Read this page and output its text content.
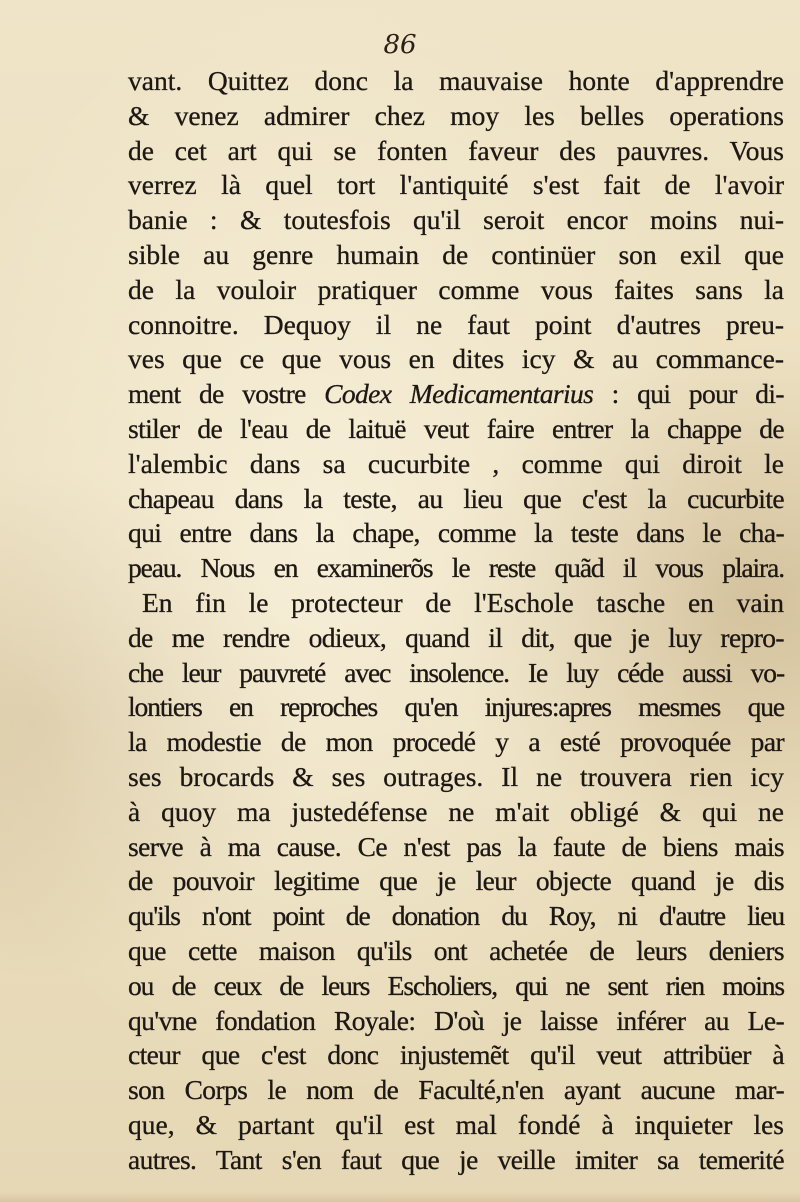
86
vant. Quittez donc la mauvaise honte d'apprendre
& venez admirer chez moy les belles operations
de cet art qui se fonten faveur des pauvres. Vous
verrez là quel tort l'antiquité s'est fait de l'avoir
banie : & toutesfois qu'il seroit encor moins nui-
sible au genre humain de continüer son exil que
de la vouloir pratiquer comme vous faites sans la
connoitre. Dequoy il ne faut point d'autres preu-
ves que ce que vous en dites icy & au commance-
ment de vostre Codex Medicamentarius : qui pour di-
stiler de l'eau de laituë veut faire entrer la chappe de
l'alembic dans sa cucurbite , comme qui diroit le
chapeau dans la teste, au lieu que c'est la cucurbite
qui entre dans la chape, comme la teste dans le cha-
peau. Nous en examinerõs le reste quãd il vous plaira.
En fin le protecteur de l'Eschole tasche en vain
de me rendre odieux, quand il dit, que je luy repro-
che leur pauvreté avec insolence. Ie luy céde aussi vo-
lontiers en reproches qu'en injures:apres mesmes que
la modestie de mon procedé y a esté provoquée par
ses brocards & ses outrages. Il ne trouvera rien icy
à quoy ma justedéfense ne m'ait obligé & qui ne
serve à ma cause. Ce n'est pas la faute de biens mais
de pouvoir legitime que je leur objecte quand je dis
qu'ils n'ont point de donation du Roy, ni d'autre lieu
que cette maison qu'ils ont achetée de leurs deniers
ou de ceux de leurs Escholiers, qui ne sent rien moins
qu'vne fondation Royale: D'où je laisse inférer au Le-
cteur que c'est donc injustemẽt qu'il veut attribüer à
son Corps le nom de Faculté,n'en ayant aucune mar-
que, & partant qu'il est mal fondé à inquieter les
autres. Tant s'en faut que je veille imiter sa temerité
